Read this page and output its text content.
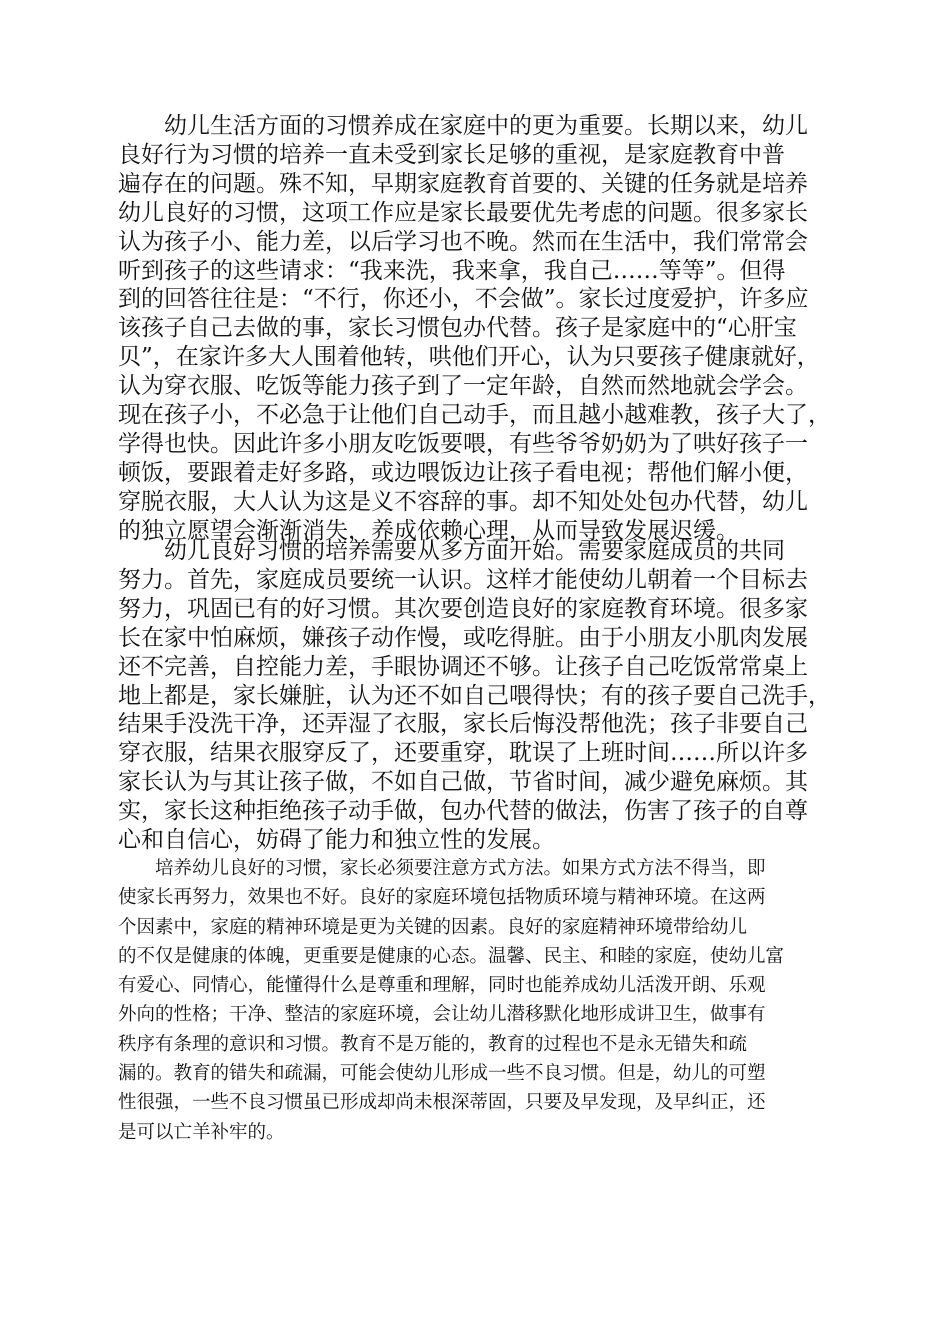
　　幼儿生活方面的习惯养成在家庭中的更为重要。长期以来，幼儿
良好行为习惯的培养一直未受到家长足够的重视，是家庭教育中普
遍存在的问题。殊不知，早期家庭教育首要的、关键的任务就是培养
幼儿良好的习惯，这项工作应是家长最要优先考虑的问题。很多家长
认为孩子小、能力差，以后学习也不晚。然而在生活中，我们常常会
听到孩子的这些请求：“我来洗，我来拿，我自己……等等”。但得
到的回答往往是：“不行，你还小，不会做”。家长过度爱护，许多应
该孩子自己去做的事，家长习惯包办代替。孩子是家庭中的“心肝宝
贝”，在家许多大人围着他转，哄他们开心，认为只要孩子健康就好，
认为穿衣服、吃饭等能力孩子到了一定年龄，自然而然地就会学会。
现在孩子小，不必急于让他们自己动手，而且越小越难教，孩子大了，
学得也快。因此许多小朋友吃饭要喂，有些爷爷奶奶为了哄好孩子一
顿饭，要跟着走好多路，或边喂饭边让孩子看电视；帮他们解小便，
穿脱衣服，大人认为这是义不容辞的事。却不知处处包办代替，幼儿
的独立愿望会渐渐消失，养成依赖心理，从而导致发展迟缓。
　　幼儿良好习惯的培养需要从多方面开始。需要家庭成员的共同
努力。首先，家庭成员要统一认识。这样才能使幼儿朝着一个目标去
努力，巩固已有的好习惯。其次要创造良好的家庭教育环境。很多家
长在家中怕麻烦，嫌孩子动作慢，或吃得脏。由于小朋友小肌肉发展
还不完善，自控能力差，手眼协调还不够。让孩子自己吃饭常常桌上
地上都是，家长嫌脏，认为还不如自己喂得快；有的孩子要自己洗手，
结果手没洗干净，还弄湿了衣服，家长后悔没帮他洗；孩子非要自己
穿衣服，结果衣服穿反了，还要重穿，耽误了上班时间……所以许多
家长认为与其让孩子做，不如自己做，节省时间，减少避免麻烦。其
实，家长这种拒绝孩子动手做，包办代替的做法，伤害了孩子的自尊
心和自信心，妨碍了能力和独立性的发展。
　　培养幼儿良好的习惯，家长必须要注意方式方法。如果方式方法不得当，即
使家长再努力，效果也不好。良好的家庭环境包括物质环境与精神环境。在这两
个因素中，家庭的精神环境是更为关键的因素。良好的家庭精神环境带给幼儿
的不仅是健康的体魄，更重要是健康的心态。温馨、民主、和睦的家庭，使幼儿富
有爱心、同情心，能懂得什么是尊重和理解，同时也能养成幼儿活泼开朗、乐观
外向的性格；干净、整洁的家庭环境，会让幼儿潜移默化地形成讲卫生，做事有
秩序有条理的意识和习惯。教育不是万能的，教育的过程也不是永无错失和疏
漏的。教育的错失和疏漏，可能会使幼儿形成一些不良习惯。但是，幼儿的可塑
性很强，一些不良习惯虽已形成却尚未根深蒂固，只要及早发现，及早纠正，还
是可以亡羊补牢的。
